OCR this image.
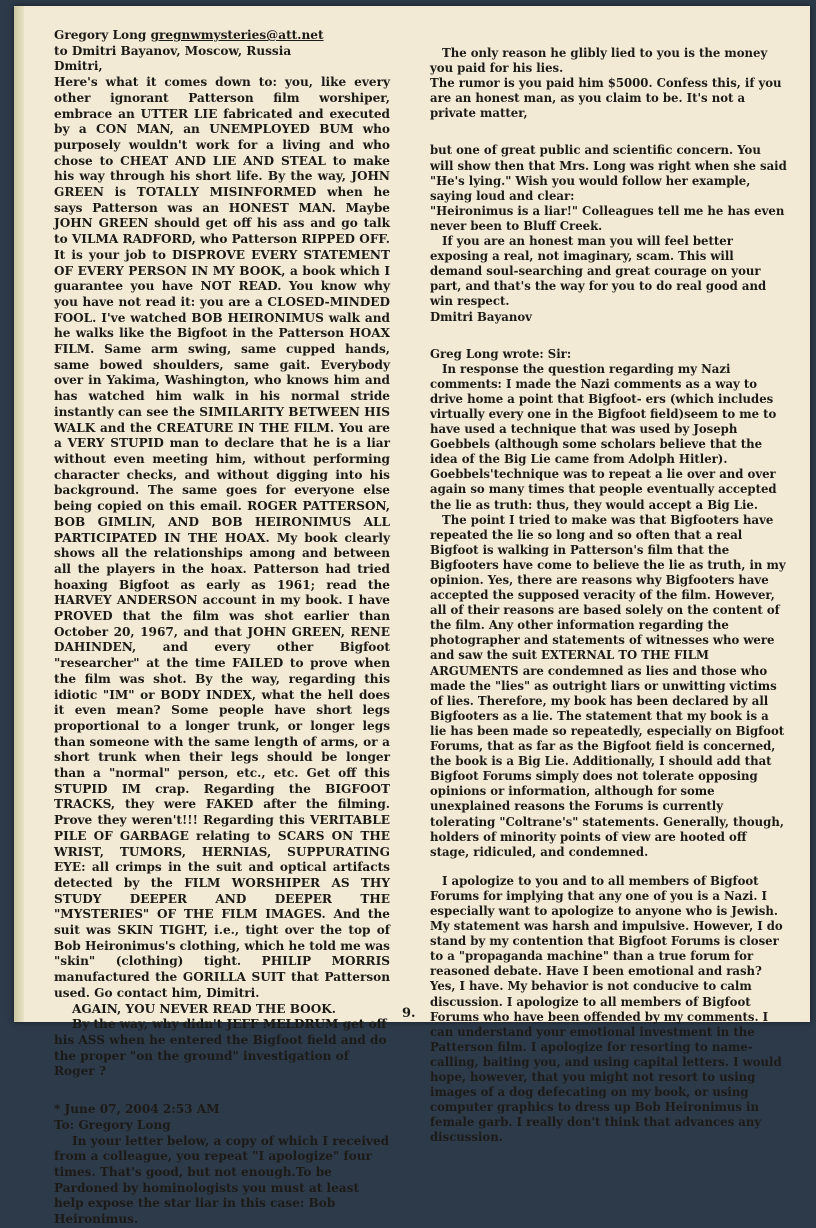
Gregory Long gregnwmysteries@att.net

to Dmitri Bayanov, Moscow, Russia

Dmitri,

Here's what it comes down to: you, like every other ignorant Patterson film worshiper, embrace an UTTER LIE fabricated and executed by a CON MAN, an UNEMPLOYED BUM who purposely wouldn't work for a living and who chose to CHEAT AND LIE AND STEAL to make his way through his short life. By the way, JOHN GREEN is TOTALLY MISINFORMED when he says Patterson was an HONEST MAN. Maybe JOHN GREEN should get off his ass and go talk to VILMA RADFORD, who Patterson RIPPED OFF. It is your job to DISPROVE EVERY STATEMENT OF EVERY PERSON IN MY BOOK, a book which I guarantee you have NOT READ. You know why you have not read it: you are a CLOSED-MINDED FOOL. I've watched BOB HEIRONIMUS walk and he walks like the Bigfoot in the Patterson HOAX FILM. Same arm swing, same cupped hands, same bowed shoulders, same gait. Everybody over in Yakima, Washington, who knows him and has watched him walk in his normal stride instantly can see the SIMILARITY BETWEEN HIS WALK and the CREATURE IN THE FILM. You are a VERY STUPID man to declare that he is a liar without even meeting him, without performing character checks, and without digging into his background. The same goes for everyone else being copied on this email. ROGER PATTERSON, BOB GIMLIN, AND BOB HEIRONIMUS ALL PARTICIPATED IN THE HOAX. My book clearly shows all the relationships among and between all the players in the hoax. Patterson had tried hoaxing Bigfoot as early as 1961; read the HARVEY ANDERSON account in my book. I have PROVED that the film was shot earlier than October 20, 1967, and that JOHN GREEN, RENE DAHINDEN, and every other Bigfoot "researcher" at the time FAILED to prove when the film was shot. By the way, regarding this idiotic "IM" or BODY INDEX, what the hell does it even mean? Some people have short legs proportional to a longer trunk, or longer legs than someone with the same length of arms, or a short trunk when their legs should be longer than a "normal" person, etc., etc. Get off this STUPID IM crap. Regarding the BIGFOOT TRACKS, they were FAKED after the filming. Prove they weren't!!! Regarding this VERITABLE PILE OF GARBAGE relating to SCARS ON THE WRIST, TUMORS, HERNIAS, SUPPURATING EYE: all crimps in the suit and optical artifacts detected by the FILM WORSHIPER AS THY STUDY DEEPER AND DEEPER THE "MYSTERIES" OF THE FILM IMAGES. And the suit was SKIN TIGHT, i.e., tight over the top of Bob Heironimus's clothing, which he told me was "skin" (clothing) tight. PHILIP MORRIS manufactured the GORILLA SUIT that Patterson used. Go contact him, Dimitri.

AGAIN, YOU NEVER READ THE BOOK.

By the way, why didn't JEFF MELDRUM get off his ASS when he entered the Bigfoot field and do the proper "on the ground" investigation of Roger ?

* June 07, 2004 2:53 AM

To: Gregory Long

In your letter below, a copy of which I received from a colleague, you repeat "I apologize" four times. That's good, but not enough.To be Pardoned by hominologists you must at least help expose the star liar in this case: Bob Heironimus.

The only reason he glibly lied to you is the money you paid for his lies.

The rumor is you paid him $5000. Confess this, if you are an honest man, as you claim to be. It's not a private matter,

but one of great public and scientific concern. You will show then that Mrs. Long was right when she said "He's lying." Wish you would follow her example, saying loud and clear:

"Heironimus is a liar!" Colleagues tell me he has even never been to Bluff Creek.

If you are an honest man you will feel better exposing a real, not imaginary, scam. This will demand soul-searching and great courage on your part, and that's the way for you to do real good and win respect.

Dmitri Bayanov

Greg Long wrote: Sir:

In response the question regarding my Nazi comments: I made the Nazi comments as a way to drive home a point that Bigfoot- ers (which includes virtually every one in the Bigfoot field)seem to me to have used a technique that was used by Joseph Goebbels (although some scholars believe that the idea of the Big Lie came from Adolph Hitler).

Goebbels'technique was to repeat a lie over and over again so many times that people eventually accepted the lie as truth: thus, they would accept a Big Lie.

The point I tried to make was that Bigfooters have repeated the lie so long and so often that a real Bigfoot is walking in Patterson's film that the Bigfooters have come to believe the lie as truth, in my opinion. Yes, there are reasons why Bigfooters have accepted the supposed veracity of the film. However, all of their reasons are based solely on the content of the film. Any other information regarding the photographer and statements of witnesses who were and saw the suit EXTERNAL TO THE FILM ARGUMENTS are condemned as lies and those who made the "lies" as outright liars or unwitting victims of lies. Therefore, my book has been declared by all Bigfooters as a lie. The statement that my book is a lie has been made so repeatedly, especially on Bigfoot Forums, that as far as the Bigfoot field is concerned, the book is a Big Lie. Additionally, I should add that Bigfoot Forums simply does not tolerate opposing opinions or information, although for some unexplained reasons the Forums is currently tolerating "Coltrane's" statements. Generally, though, holders of minority points of view are hooted off stage, ridiculed, and condemned.

I apologize to you and to all members of Bigfoot Forums for implying that any one of you is a Nazi. I especially want to apologize to anyone who is Jewish. My statement was harsh and impulsive. However, I do stand by my contention that Bigfoot Forums is closer to a "propaganda machine" than a true forum for reasoned debate. Have I been emotional and rash? Yes, I have. My behavior is not conducive to calm discussion. I apologize to all members of Bigfoot Forums who have been offended by my comments. I can understand your emotional investment in the Patterson film. I apologize for resorting to name-calling, baiting you, and using capital letters. I would hope, however, that you might not resort to using images of a dog defecating on my book, or using computer graphics to dress up Bob Heironimus in female garb. I really don't think that advances any discussion.

9.
